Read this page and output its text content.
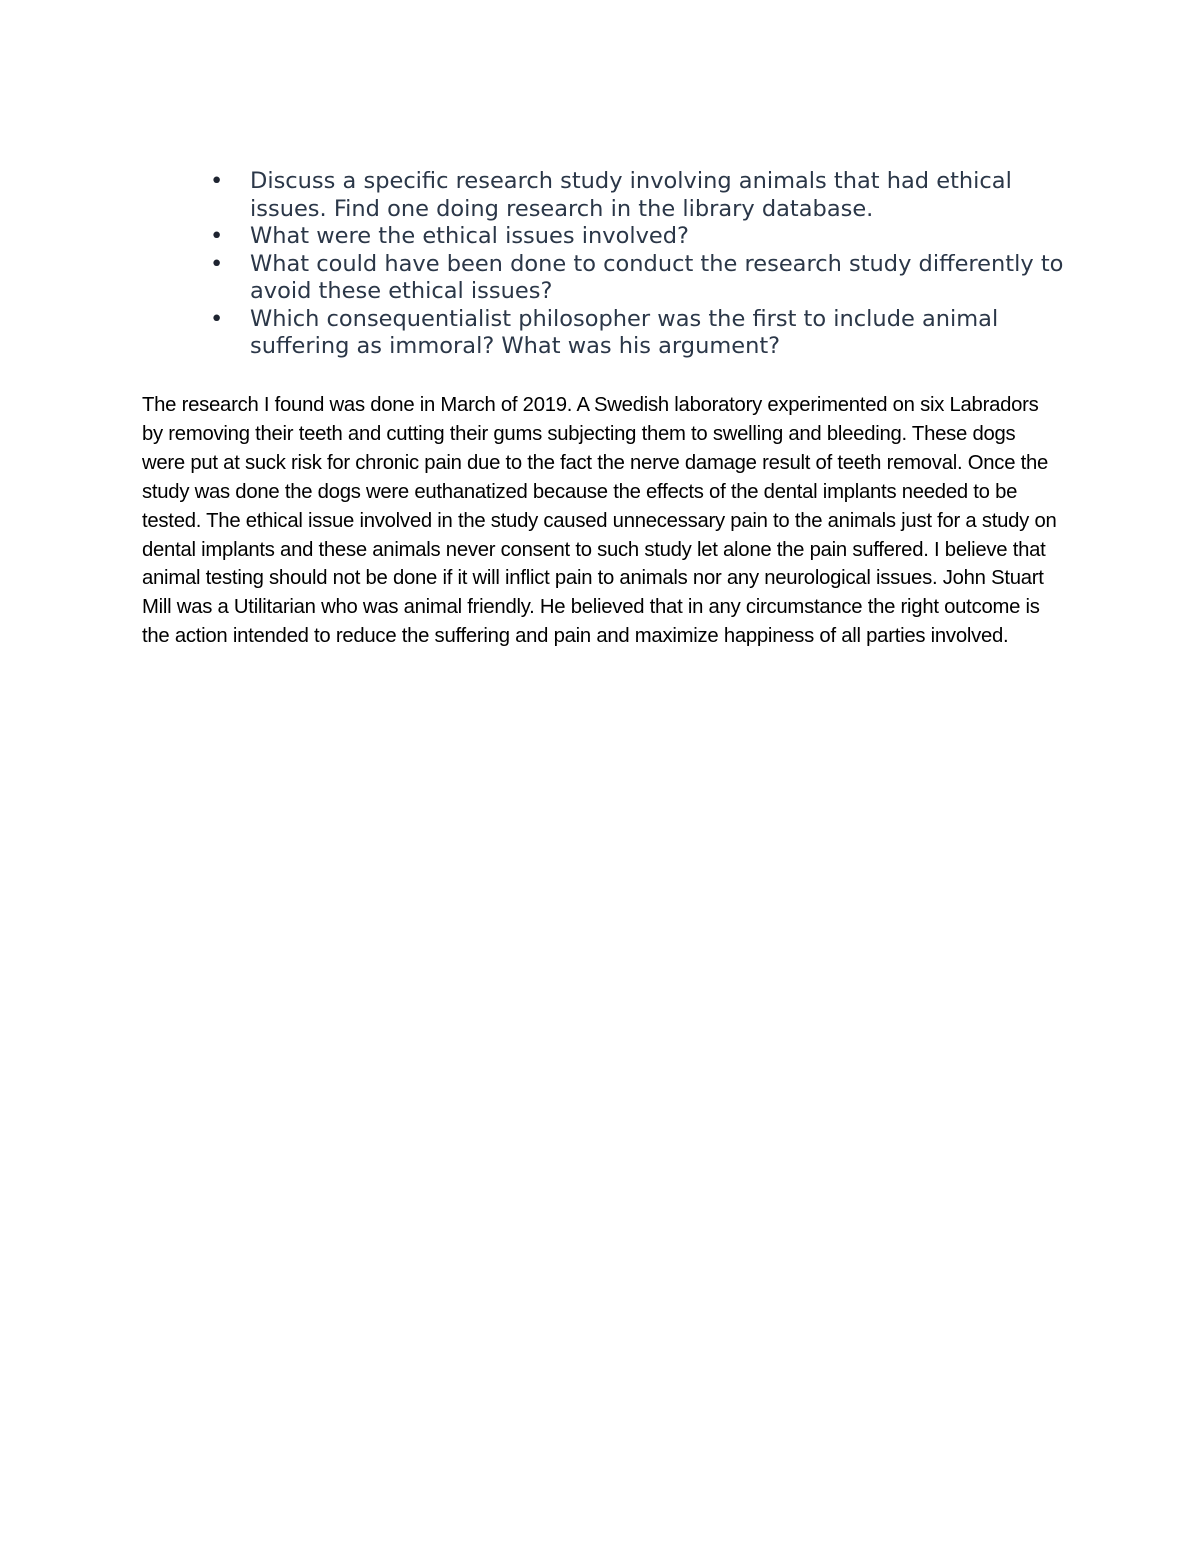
•	Discuss a specific research study involving animals that had ethical issues. Find one doing research in the library database.
•	What were the ethical issues involved?
•	What could have been done to conduct the research study differently to avoid these ethical issues?
•	Which consequentialist philosopher was the first to include animal suffering as immoral? What was his argument?

The research I found was done in March of 2019. A Swedish laboratory experimented on six Labradors by removing their teeth and cutting their gums subjecting them to swelling and bleeding. These dogs were put at suck risk for chronic pain due to the fact the nerve damage result of teeth removal. Once the study was done the dogs were euthanatized because the effects of the dental implants needed to be tested. The ethical issue involved in the study caused unnecessary pain to the animals just for a study on dental implants and these animals never consent to such study let alone the pain suffered. I believe that animal testing should not be done if it will inflict pain to animals nor any neurological issues. John Stuart Mill was a Utilitarian who was animal friendly. He believed that in any circumstance the right outcome is the action intended to reduce the suffering and pain and maximize happiness of all parties involved.
